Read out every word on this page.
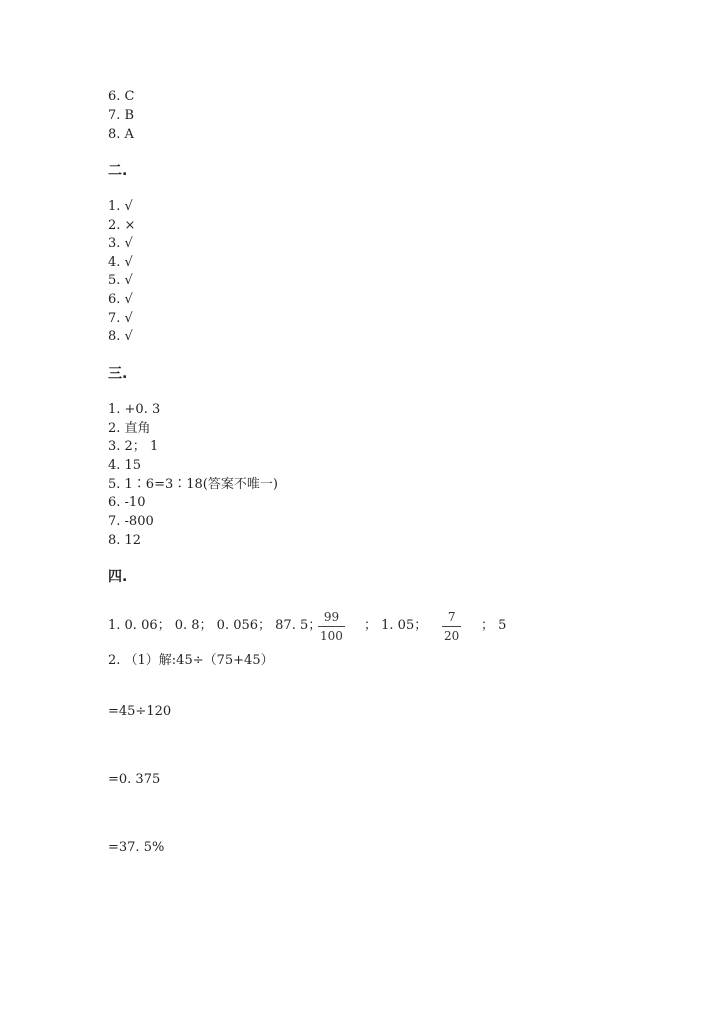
6. C
7. B
8. A
二.
1. √
2. ×
3. √
4. √
5. √
6. √
7. √
8. √
三.
1. +0. 3
2. 直角
3. 2； 1
4. 15
5. 1∶6=3∶18(答案不唯一)
6. -10
7. -800
8. 12
四.
1. 0. 06； 0. 8； 0. 056； 87. 5；
99
100
； 1. 05；
7
20
； 5
2. （1）解:45÷（75+45）
=45÷120
=0. 375
=37. 5%
